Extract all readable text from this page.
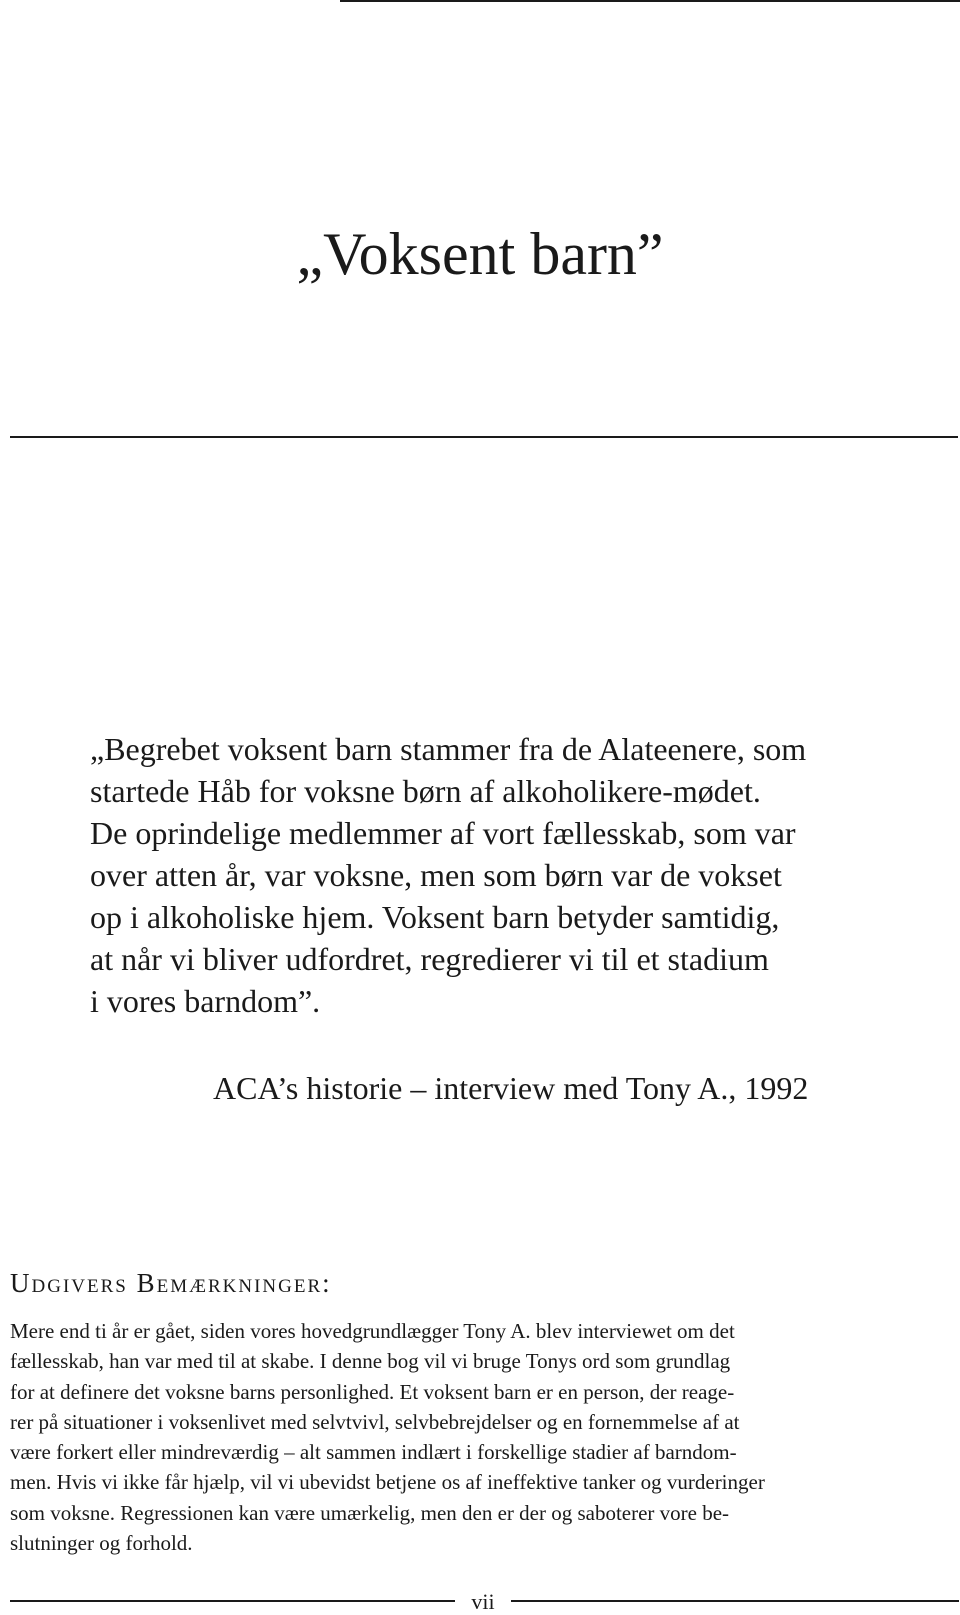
„Voksent barn”
„Begrebet voksent barn stammer fra de Alateenere, som
startede Håb for voksne børn af alkoholikere-mødet.
De oprindelige medlemmer af vort fællesskab, som var
over atten år, var voksne, men som børn var de vokset
op i alkoholiske hjem. Voksent barn betyder samtidig,
at når vi bliver udfordret, regredierer vi til et stadium
i vores barndom”.
ACA’s historie – interview med Tony A., 1992
Udgivers Bemærkninger:
Mere end ti år er gået, siden vores hovedgrundlægger Tony A. blev interviewet om det
fællesskab, han var med til at skabe. I denne bog vil vi bruge Tonys ord som grundlag
for at definere det voksne barns personlighed. Et voksent barn er en person, der reage-
rer på situationer i voksenlivet med selvtvivl, selvbebrejdelser og en fornemmelse af at
være forkert eller mindreværdig – alt sammen indlært i forskellige stadier af barndom-
men. Hvis vi ikke får hjælp, vil vi ubevidst betjene os af ineffektive tanker og vurderinger
som voksne. Regressionen kan være umærkelig, men den er der og saboterer vore be-
slutninger og forhold.
vii
